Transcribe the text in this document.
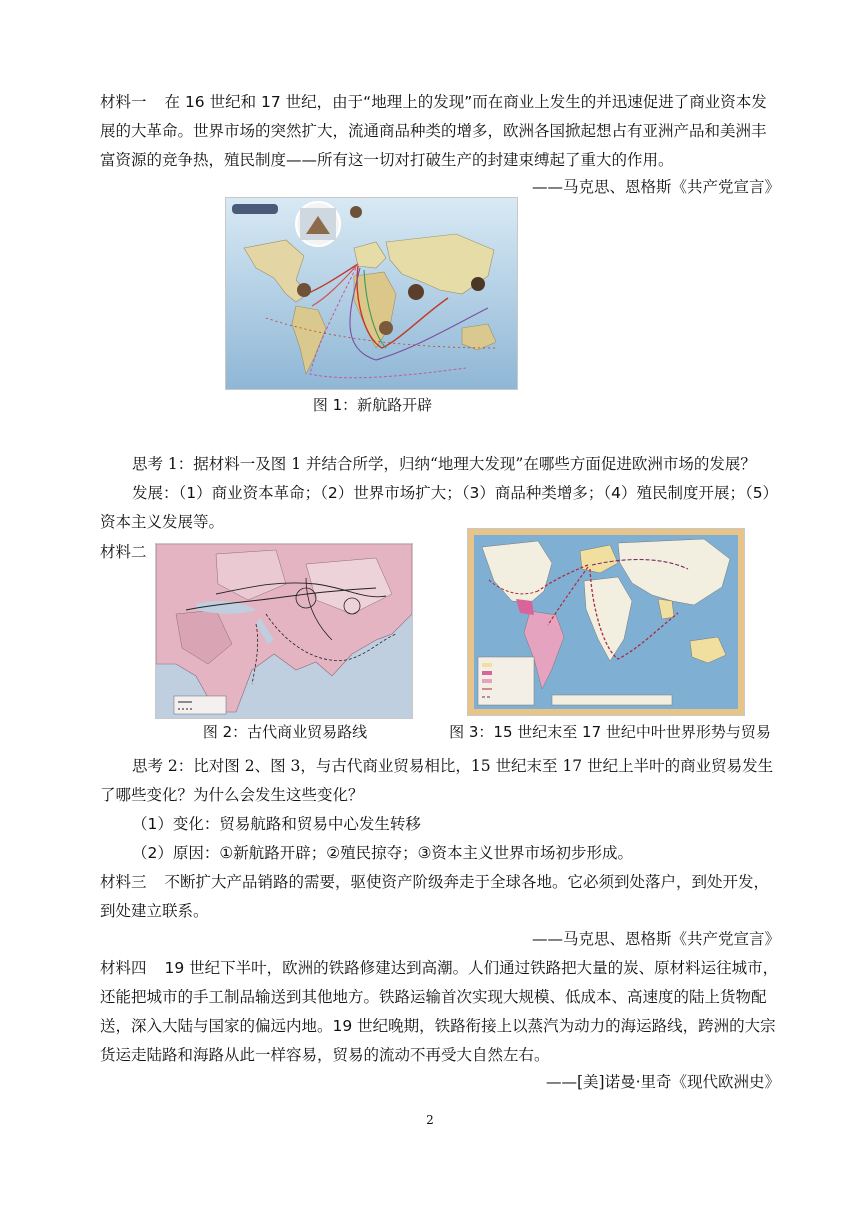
材料一 在 16 世纪和 17 世纪，由于“地理上的发现”而在商业上发生的并迅速促进了商业资本发展的大革命。世界市场的突然扩大，流通商品种类的增多，欧洲各国掀起想占有亚洲产品和美洲丰富资源的竞争热，殖民制度——所有这一切对打破生产的封建束缚起了重大的作用。
——马克思、恩格斯《共产党宣言》
图 1：新航路开辟
思考 1：据材料一及图 1 并结合所学，归纳“地理大发现”在哪些方面促进欧洲市场的发展？
发展：（1）商业资本革命；（2）世界市场扩大；（3）商品种类增多；（4）殖民制度开展；（5）资本主义发展等。
材料二
图 2：古代商业贸易路线	图 3：15 世纪末至 17 世纪中叶世界形势与贸易
思考 2：比对图 2、图 3，与古代商业贸易相比，15 世纪末至 17 世纪上半叶的商业贸易发生了哪些变化？为什么会发生这些变化？
（1）变化：贸易航路和贸易中心发生转移
（2）原因：①新航路开辟；②殖民掠夺；③资本主义世界市场初步形成。
材料三 不断扩大产品销路的需要，驱使资产阶级奔走于全球各地。它必须到处落户，到处开发，到处建立联系。
——马克思、恩格斯《共产党宣言》
材料四 19 世纪下半叶，欧洲的铁路修建达到高潮。人们通过铁路把大量的炭、原材料运往城市，还能把城市的手工制品输送到其他地方。铁路运输首次实现大规模、低成本、高速度的陆上货物配送，深入大陆与国家的偏远内地。19 世纪晚期，铁路衔接上以蒸汽为动力的海运路线，跨洲的大宗货运走陆路和海路从此一样容易，贸易的流动不再受大自然左右。
——[美]诺曼·里奇《现代欧洲史》
2
